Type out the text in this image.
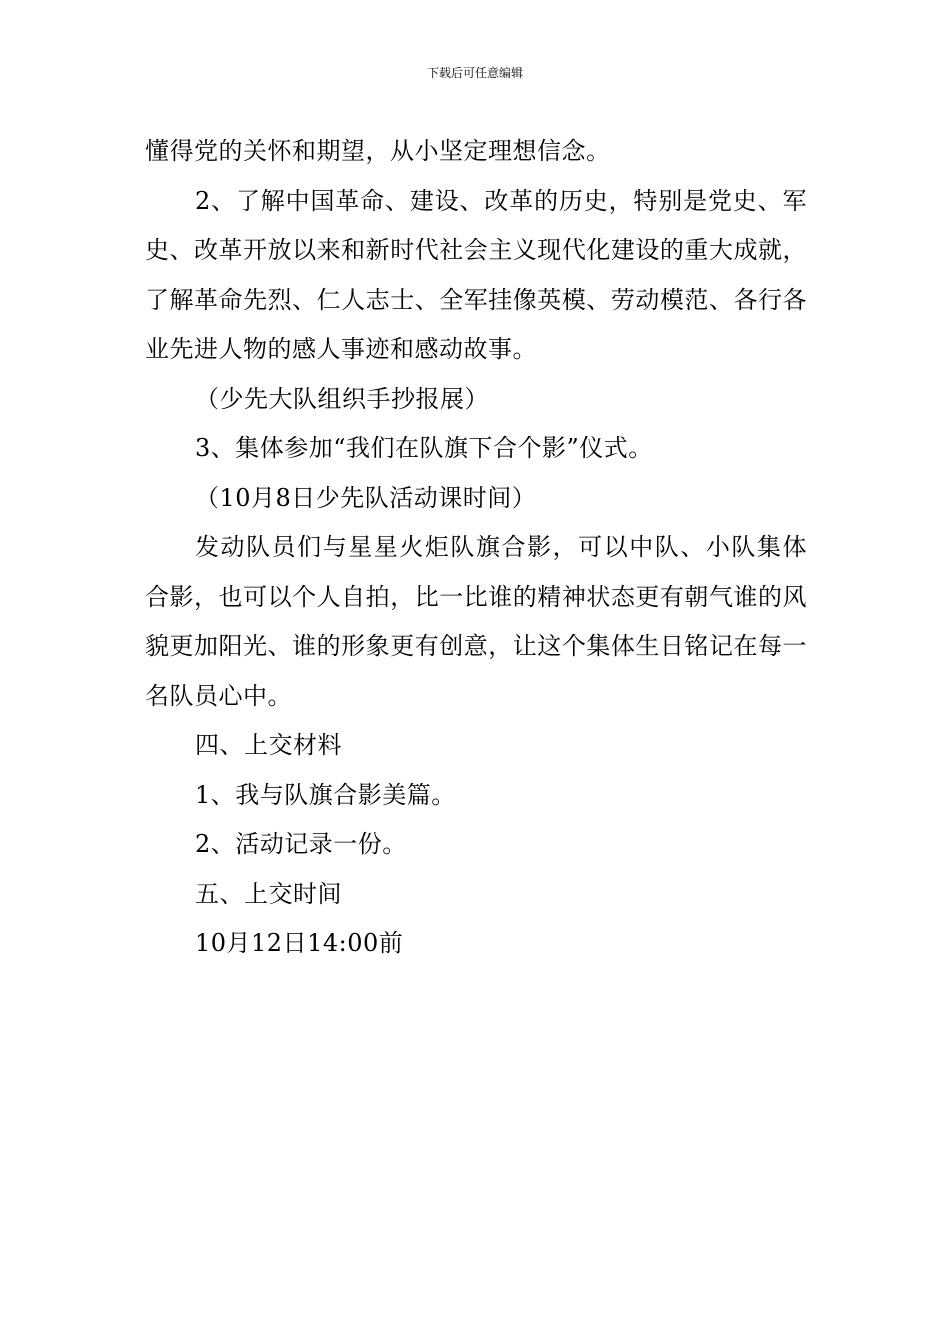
下载后可任意编辑

懂得党的关怀和期望，从小坚定理想信念。

2、了解中国革命、建设、改革的历史，特别是党史、军史、改革开放以来和新时代社会主义现代化建设的重大成就，了解革命先烈、仁人志士、全军挂像英模、劳动模范、各行各业先进人物的感人事迹和感动故事。

（少先大队组织手抄报展）

3、集体参加“我们在队旗下合个影”仪式。

（10月8日少先队活动课时间）

发动队员们与星星火炬队旗合影，可以中队、小队集体合影，也可以个人自拍，比一比谁的精神状态更有朝气谁的风貌更加阳光、谁的形象更有创意，让这个集体生日铭记在每一名队员心中。

四、上交材料

1、我与队旗合影美篇。

2、活动记录一份。

五、上交时间

10月12日14:00前
